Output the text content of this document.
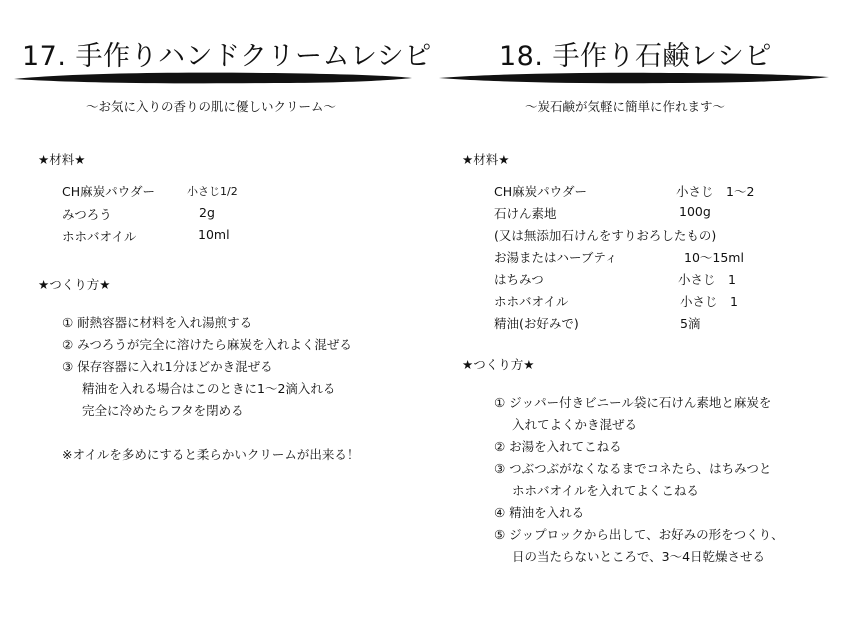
17. 手作りハンドクリームレシピ
～お気に入りの香りの肌に優しいクリーム～
★材料★
CH麻炭パウダー	小さじ1/2
みつろう	2g
ホホバオイル	10ml
★つくり方★
① 耐熱容器に材料を入れ湯煎する
② みつろうが完全に溶けたら麻炭を入れよく混ぜる
③ 保存容器に入れ1分ほどかき混ぜる
精油を入れる場合はこのときに1～2滴入れる
完全に冷めたらフタを閉める
※オイルを多めにすると柔らかいクリームが出来る！
18. 手作り石鹸レシピ
～炭石鹸が気軽に簡単に作れます～
★材料★
CH麻炭パウダー	小さじ　1～2
石けん素地	100g
(又は無添加石けんをすりおろしたもの)
お湯またはハーブティ	10～15ml
はちみつ	小さじ　1
ホホバオイル	小さじ　1
精油(お好みで)	5滴
★つくり方★
① ジッパー付きビニール袋に石けん素地と麻炭を
入れてよくかき混ぜる
② お湯を入れてこねる
③ つぶつぶがなくなるまでコネたら、はちみつと
ホホバオイルを入れてよくこねる
④ 精油を入れる
⑤ ジップロックから出して、お好みの形をつくり、
日の当たらないところで、3～4日乾燥させる
